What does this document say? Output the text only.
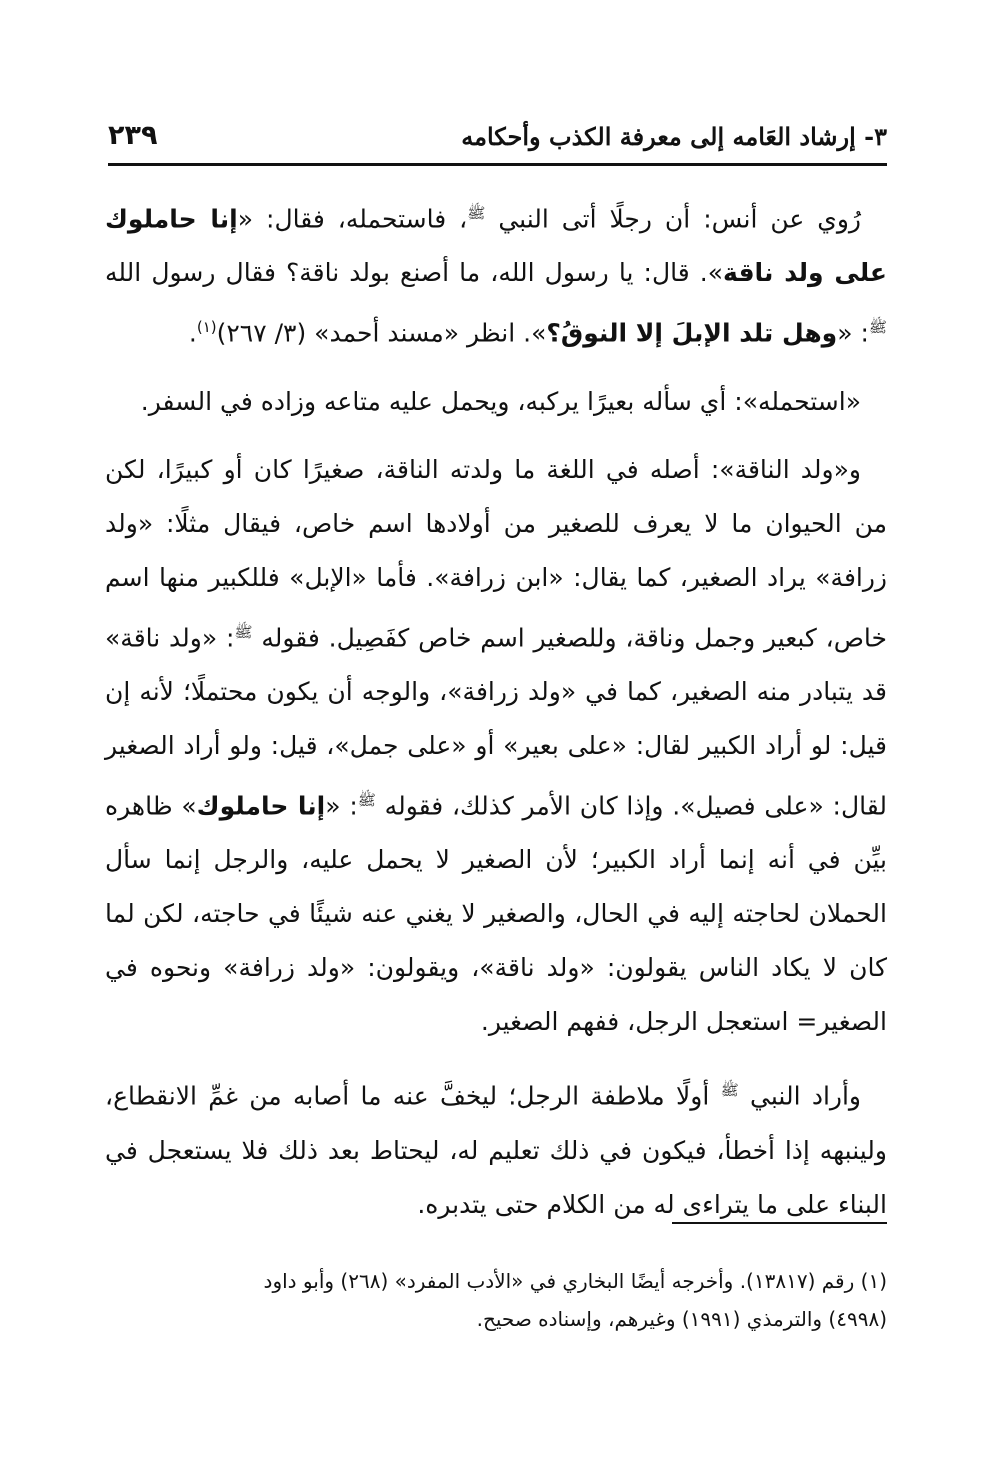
٣- إرشاد العَامه إلى معرفة الكذب وأحكامه
٢٣٩

رُوي عن أنس: أن رجلًا أتى النبي $^ﷺ$، فاستحمله، فقال: «إنا حاملوك على ولد ناقة». قال: يا رسول الله، ما أصنع بولد ناقة؟ فقال رسول الله $^ﷺ$: «وهل تلد الإبلَ إلا النوقُ؟». انظر «مسند أحمد» (٣/ ٢٦٧)$^{(١)}$.

«استحمله»: أي سأله بعيرًا يركبه، ويحمل عليه متاعه وزاده في السفر.

و«ولد الناقة»: أصله في اللغة ما ولدته الناقة، صغيرًا كان أو كبيرًا، لكن من الحيوان ما لا يعرف للصغير من أولادها اسم خاص، فيقال مثلًا: «ولد زرافة» يراد الصغير، كما يقال: «ابن زرافة». فأما «الإبل» فللكبير منها اسم خاص، كبعير وجمل وناقة، وللصغير اسم خاص كفَصِيل. فقوله $^ﷺ$: «ولد ناقة» قد يتبادر منه الصغير، كما في «ولد زرافة»، والوجه أن يكون محتملًا؛ لأنه إن قيل: لو أراد الكبير لقال: «على بعير» أو «على جمل»، قيل: ولو أراد الصغير لقال: «على فصيل». وإذا كان الأمر كذلك، فقوله $^ﷺ$: «إنا حاملوك» ظاهره بيِّن في أنه إنما أراد الكبير؛ لأن الصغير لا يحمل عليه، والرجل إنما سأل الحملان لحاجته إليه في الحال، والصغير لا يغني عنه شيئًا في حاجته، لكن لما كان لا يكاد الناس يقولون: «ولد ناقة»، ويقولون: «ولد زرافة» ونحوه في الصغير= استعجل الرجل، ففهم الصغير.

وأراد النبي $^ﷺ$ أولًا ملاطفة الرجل؛ ليخفَّ عنه ما أصابه من غمِّ الانقطاع، ولينبهه إذا أخطأ، فيكون في ذلك تعليم له، ليحتاط بعد ذلك فلا يستعجل في البناء على ما يتراءى له من الكلام حتى يتدبره.

(١) رقم (١٣٨١٧). وأخرجه أيضًا البخاري في «الأدب المفرد» (٢٦٨) وأبو داود

(٤٩٩٨) والترمذي (١٩٩١) وغيرهم، وإسناده صحيح.
